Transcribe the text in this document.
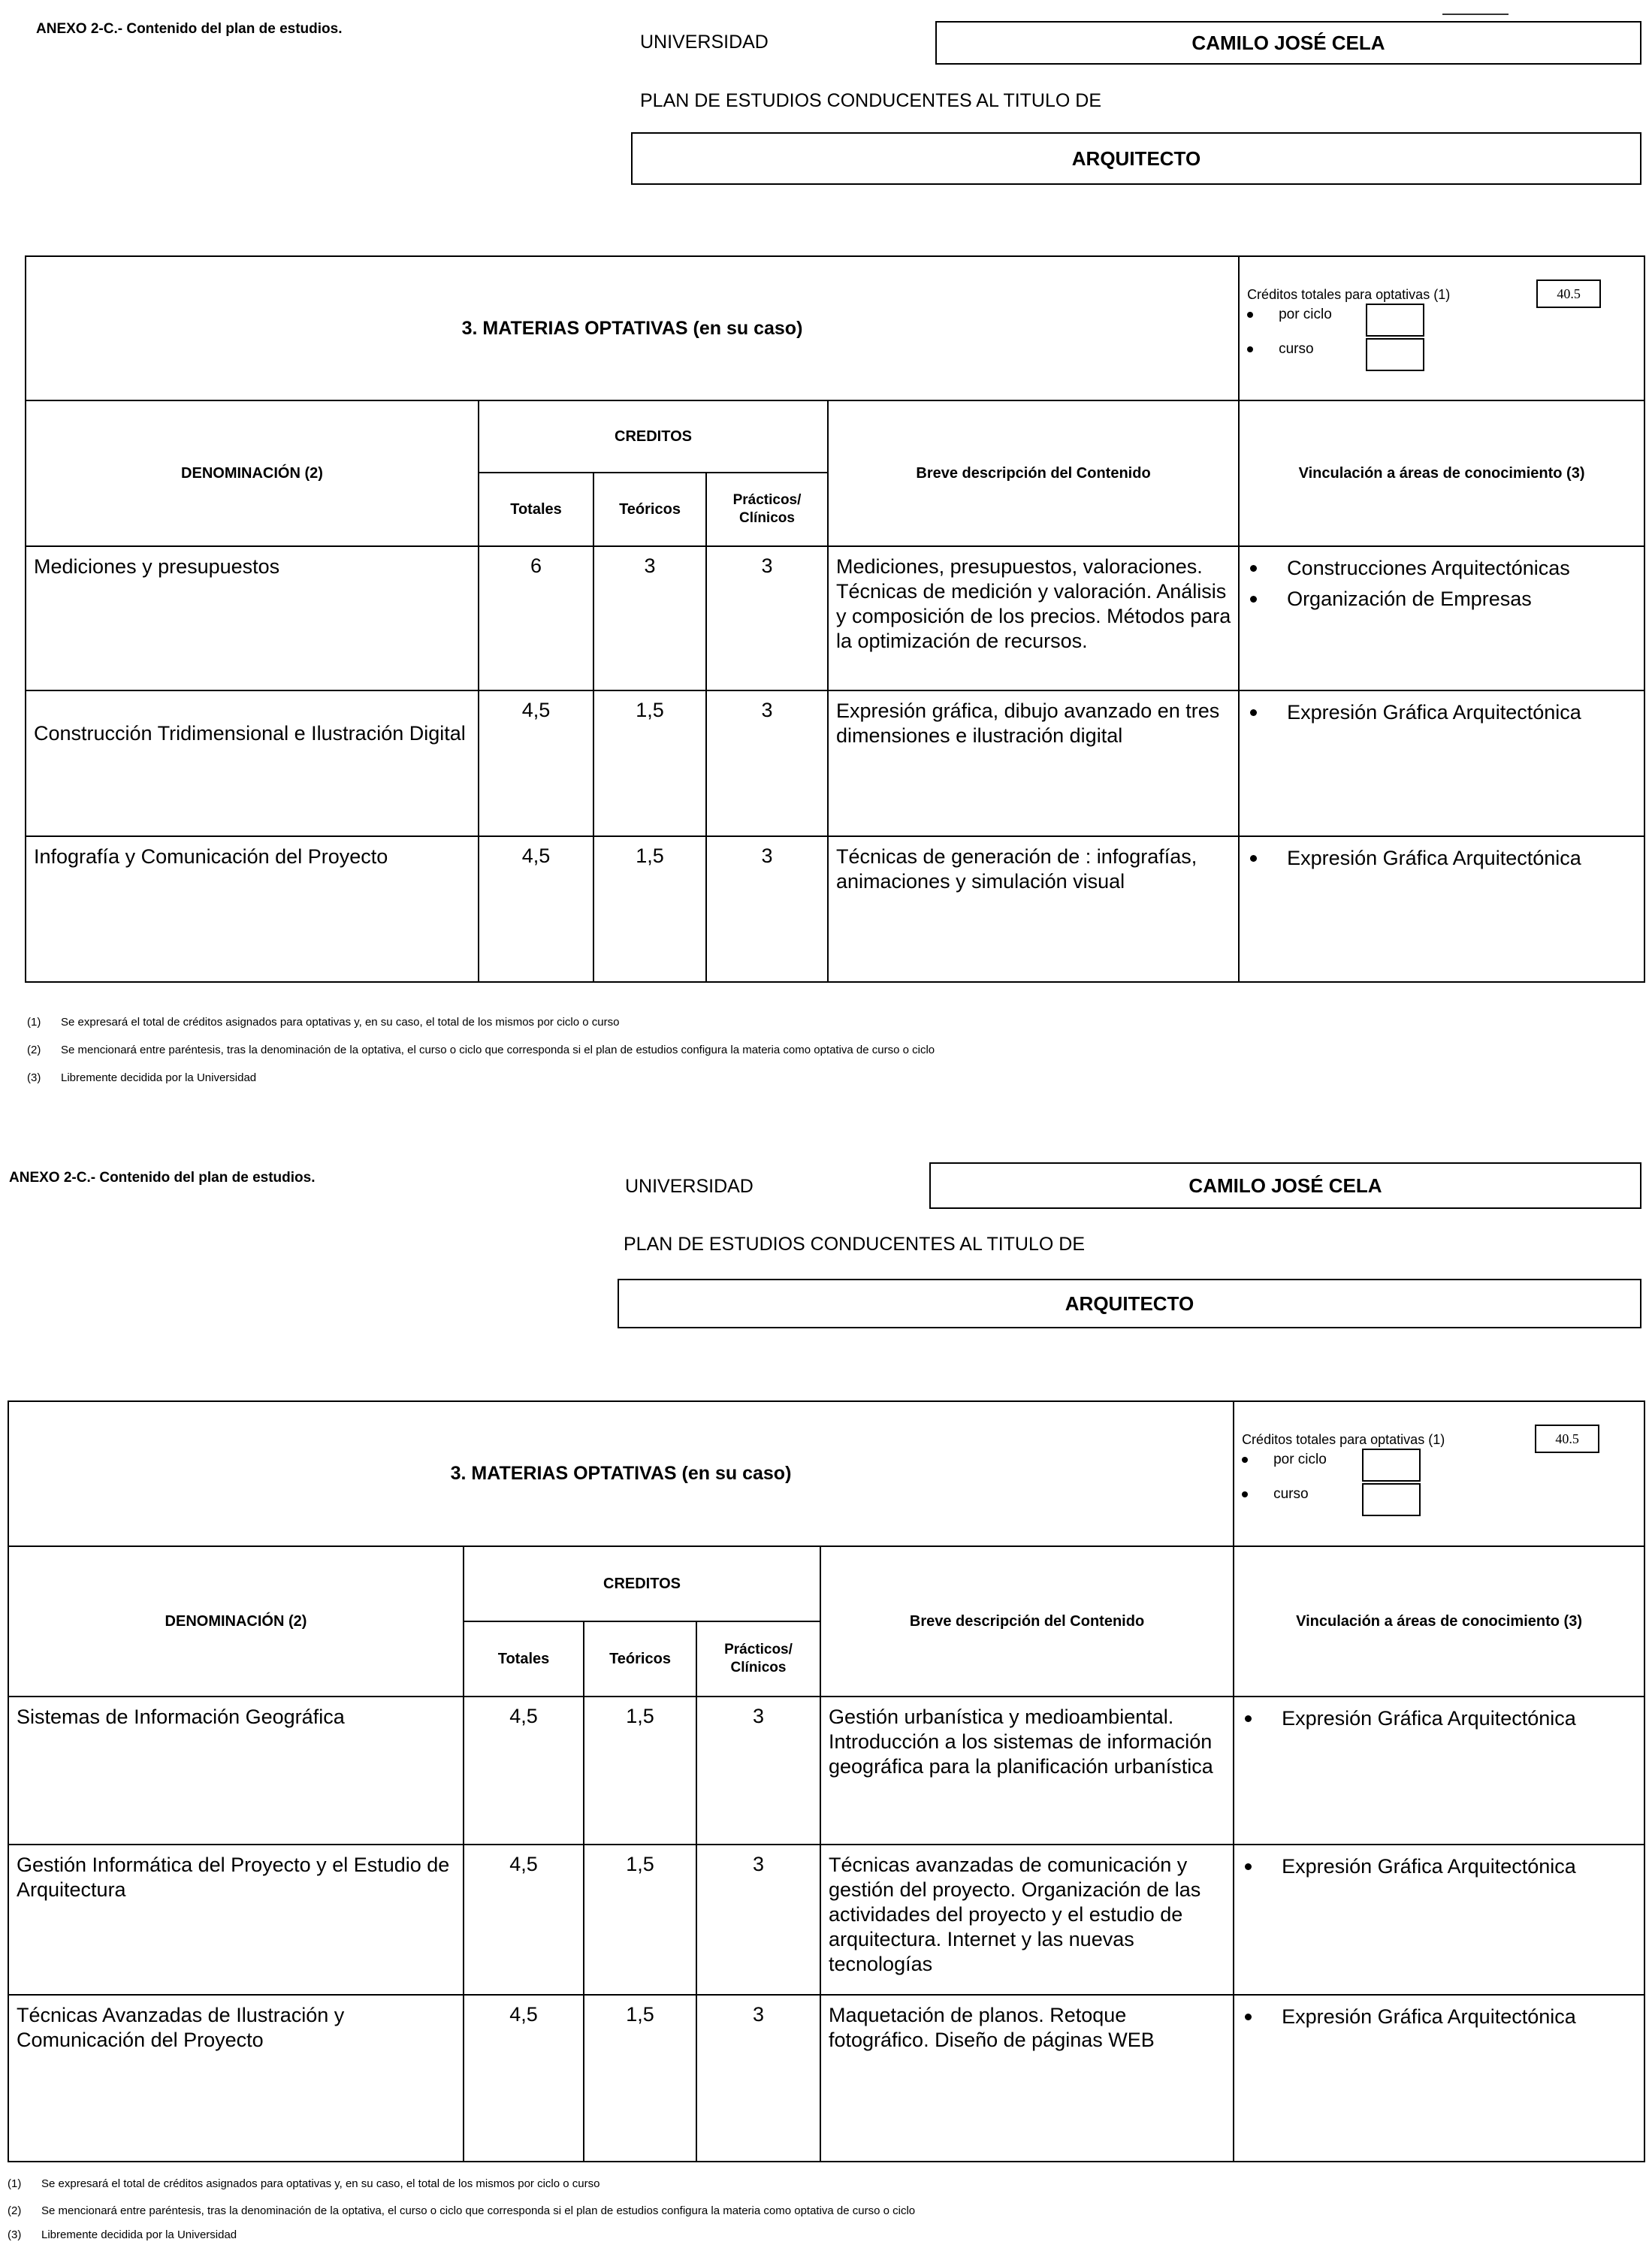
ANEXO 2-C.- Contenido del plan de estudios.
UNIVERSIDAD	CAMILO JOSÉ CELA
PLAN DE ESTUDIOS CONDUCENTES AL TITULO DE
ARQUITECTO
3. MATERIAS OPTATIVAS (en su caso)					Créditos totales para optativas (1) 40.5
por ciclo
curso

DENOMINACIÓN (2)	CREDITOS			Breve descripción del Contenido	Vinculación a áreas de conocimiento (3)
	Totales	Teóricos	Prácticos/ Clínicos		
Mediciones y presupuestos	6	3	3	Mediciones, presupuestos, valoraciones. Técnicas de medición y valoración. Análisis y composición de los precios. Métodos para la optimización de recursos.	Construcciones Arquitectónicas
Organización de Empresas

Construcción Tridimensional e Ilustración Digital	4,5	1,5	3	Expresión gráfica, dibujo avanzado en tres dimensiones e ilustración digital	Expresión Gráfica Arquitectónica

Infografía y Comunicación del Proyecto	4,5	1,5	3	Técnicas de generación de : infografías, animaciones y simulación visual	Expresión Gráfica Arquitectónica
(1)	Se expresará el total de créditos asignados para optativas y, en su caso, el total de los mismos por ciclo o curso
(2)	Se mencionará entre paréntesis, tras la denominación de la optativa, el curso o ciclo que corresponda si el plan de estudios configura la materia como optativa de curso o ciclo
(3)	Libremente decidida por la Universidad
ANEXO 2-C.- Contenido del plan de estudios.	UNIVERSIDAD	CAMILO JOSÉ CELA
PLAN DE ESTUDIOS CONDUCENTES AL TITULO DE
ARQUITECTO
3. MATERIAS OPTATIVAS (en su caso)					Créditos totales para optativas (1) 40.5
por ciclo
curso

DENOMINACIÓN (2)	CREDITOS			Breve descripción del Contenido	Vinculación a áreas de conocimiento (3)
	Totales	Teóricos	Prácticos/ Clínicos		
Sistemas de Información Geográfica	4,5	1,5	3	Gestión urbanística y medioambiental. Introducción a los sistemas de información geográfica para la planificación urbanística	Expresión Gráfica Arquitectónica

Gestión Informática del Proyecto y el Estudio de Arquitectura	4,5	1,5	3	Técnicas avanzadas de comunicación y gestión del proyecto. Organización de las actividades del proyecto y el estudio de arquitectura. Internet y las nuevas tecnologías	Expresión Gráfica Arquitectónica

Técnicas Avanzadas de Ilustración y Comunicación del Proyecto	4,5	1,5	3	Maquetación de planos. Retoque fotográfico. Diseño de páginas WEB	Expresión Gráfica Arquitectónica
(1)	Se expresará el total de créditos asignados para optativas y, en su caso, el total de los mismos por ciclo o curso
(2)	Se mencionará entre paréntesis, tras la denominación de la optativa, el curso o ciclo que corresponda si el plan de estudios configura la materia como optativa de curso o ciclo
(3)	Libremente decidida por la Universidad
